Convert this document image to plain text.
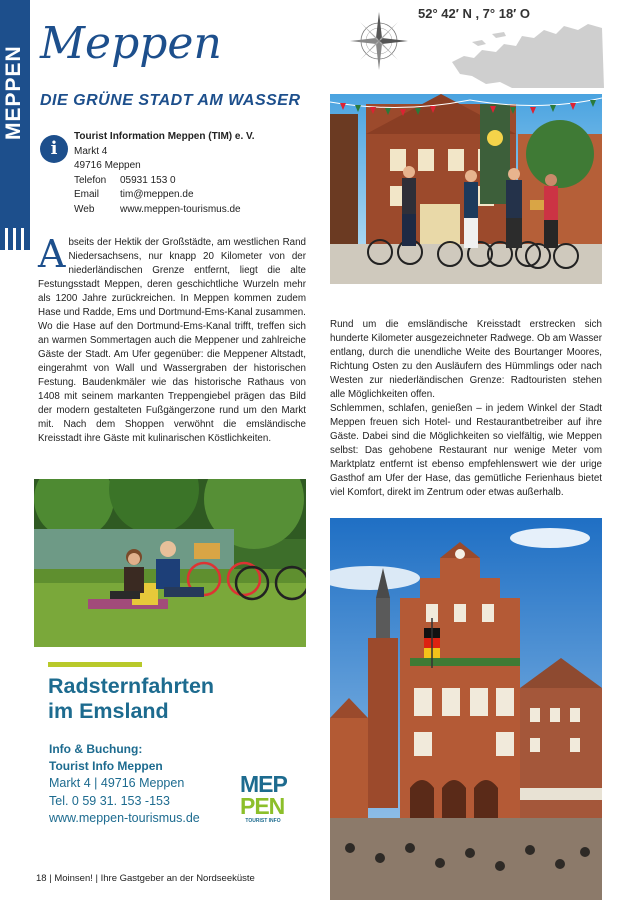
MEPPEN
Meppen
DIE GRÜNE STADT AM WASSER
52° 42′ N , 7° 18′ O
i
Tourist Information Meppen (TIM) e. V.
Markt 4
49716 Meppen
Telefon	05931 153 0
Email	tim@meppen.de
Web	www.meppen-tourismus.de
A bseits der Hektik der Großstädte, am westlichen Rand Niedersachsens, nur knapp 20 Kilometer von der niederländischen Grenze entfernt, liegt die alte Festungsstadt Meppen, deren geschichtliche Wurzeln mehr als 1200 Jahre zurückreichen. In Meppen kommen zudem Hase und Radde, Ems und Dortmund-Ems-Kanal zusammen.

Wo die Hase auf den Dortmund-Ems-Kanal trifft, treffen sich an warmen Sommertagen auch die Meppener und zahlreiche Gäste der Stadt. Am Ufer gegenüber: die Meppener Altstadt, eingerahmt von Wall und Wassergraben der historischen Festung. Baudenkmäler wie das historische Rathaus von 1408 mit seinem markanten Treppengiebel prägen das Bild der modern gestalteten Fußgängerzone rund um den Markt mit. Nach dem Shoppen verwöhnt die emsländische Kreisstadt ihre Gäste mit kulinarischen Köstlichkeiten.

Rund um die emsländische Kreisstadt erstrecken sich hunderte Kilometer ausgezeichneter Radwege. Ob am Wasser entlang, durch die unendliche Weite des Bourtanger Moores, Richtung Osten zu den Ausläufern des Hümmlings oder nach Westen zur niederländischen Grenze: Radtouristen stehen alle Möglichkeiten offen.

Schlemmen, schlafen, genießen – in jedem Winkel der Stadt Meppen freuen sich Hotel- und Restaurantbetreiber auf ihre Gäste. Dabei sind die Möglichkeiten so vielfältig, wie Meppen selbst: Das gehobene Restaurant nur wenige Meter vom Marktplatz entfernt ist ebenso empfehlenswert wie der urige Gasthof am Ufer der Hase, das gemütliche Ferienhaus bietet viel Komfort, direkt im Zentrum oder etwas außerhalb.

Radsternfahrten
im Emsland
Info & Buchung:
Tourist Info Meppen
Markt 4 | 49716 Meppen
Tel. 0 59 31. 153 -153
www.meppen-tourismus.de
MEP
PEN
TOURIST INFO
18 | Moinsen! | Ihre Gastgeber an der Nordseeküste
